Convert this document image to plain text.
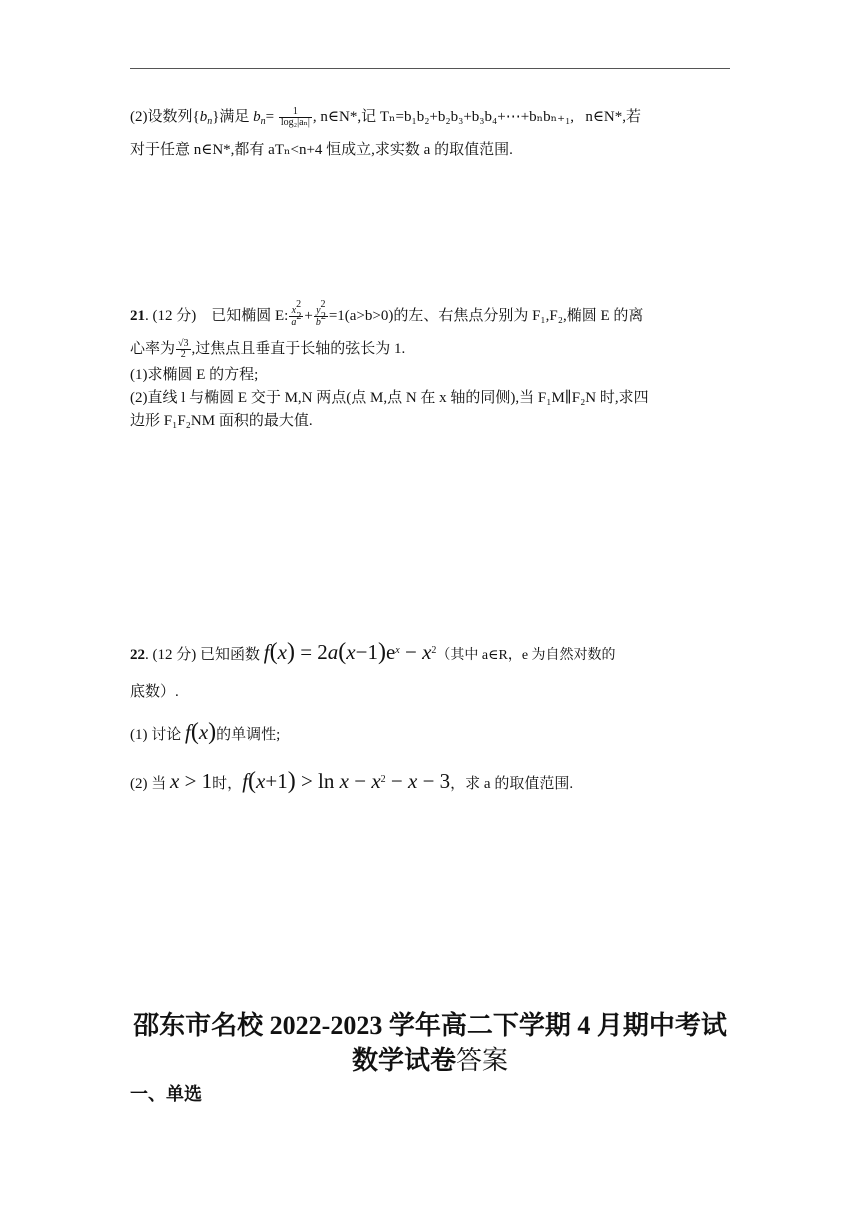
(2)设数列$\{b_n\}$满足 $b_n= \frac{1}{\text{log₂|aₙ|}}$ , n∈N*,记 Tₙ=b₁b₂+b₂b₃+b₃b₄+⋯+bₙbₙ₊₁, n∈N*,若
对于任意 n∈N*,都有 aTₙ<n+4 恒成立,求实数 a 的取值范围.
21. (12 分) 已知椭圆 E: $\frac{x^2}{a^2} + \frac{y^2}{b^2} =1(a>b>0)$的左、右焦点分别为 F₁,F₂,椭圆 E 的离
心率为 $\frac{√3}{2}$ ,过焦点且垂直于长轴的弦长为 1.
(1)求椭圆 E 的方程;
(2)直线 l 与椭圆 E 交于 M,N 两点(点 M,点 N 在 x 轴的同侧),当 F₁M∥F₂N 时,求四
边形 F₁F₂NM 面积的最大值.
22. (12 分) 已知函数 $f(x) = 2a(x-1)e^x - x^2$（其中 a∈R，e 为自然对数的
底数）.
(1) 讨论 f(x)的单调性;
(2) 当 x > 1时，$f(x+1) > \ln x - x^2 - x - 3$，求 a 的取值范围.
邵东市名校 2022-2023 学年高二下学期 4 月期中考试
数学试卷答案
一、单选
